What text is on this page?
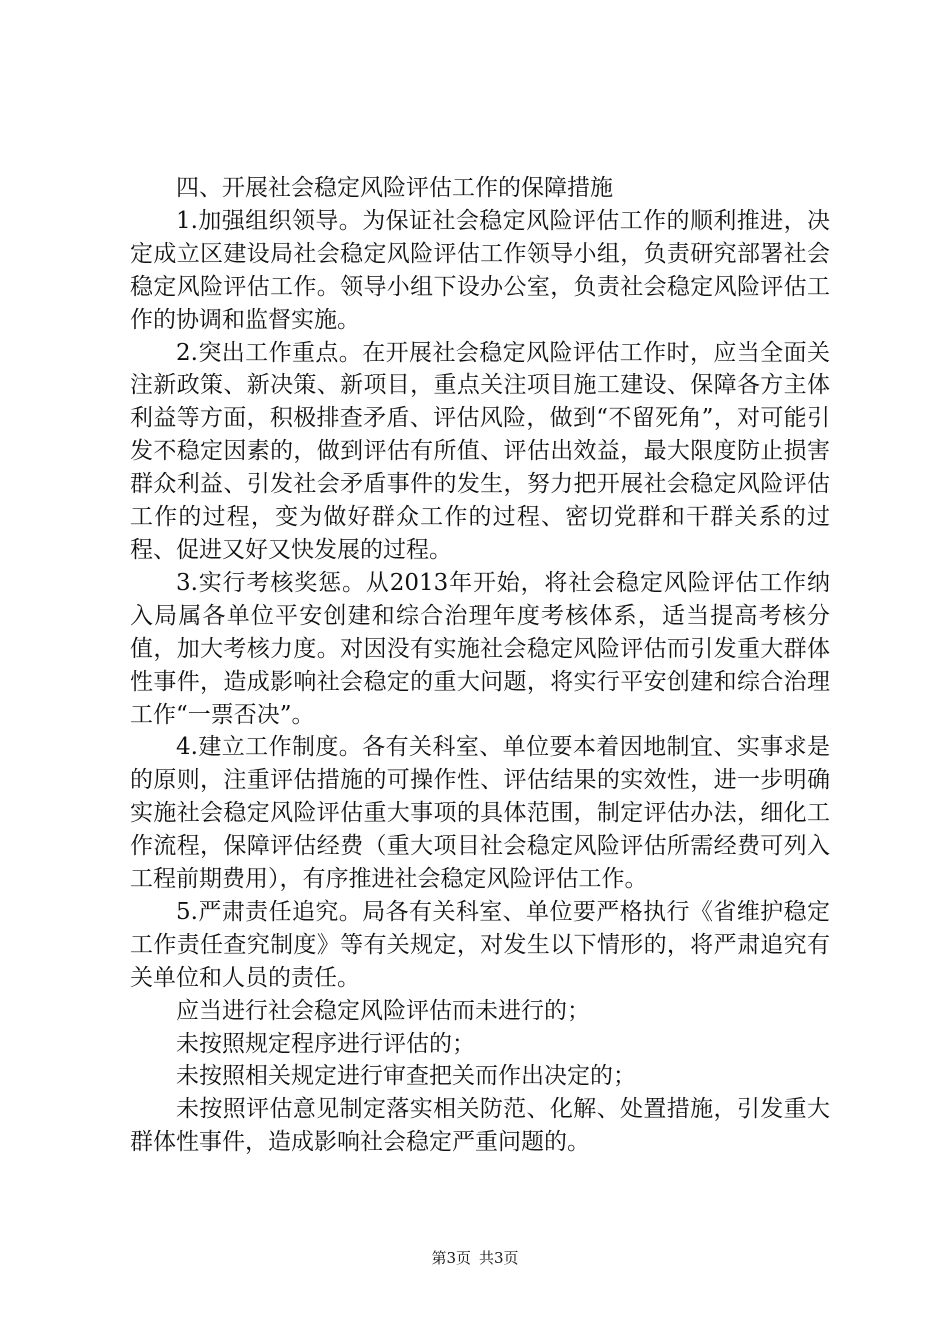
四、开展社会稳定风险评估工作的保障措施

1.加强组织领导。为保证社会稳定风险评估工作的顺利推进，决定成立区建设局社会稳定风险评估工作领导小组，负责研究部署社会稳定风险评估工作。领导小组下设办公室，负责社会稳定风险评估工作的协调和监督实施。

2.突出工作重点。在开展社会稳定风险评估工作时，应当全面关注新政策、新决策、新项目，重点关注项目施工建设、保障各方主体利益等方面，积极排查矛盾、评估风险，做到“不留死角”，对可能引发不稳定因素的，做到评估有所值、评估出效益，最大限度防止损害群众利益、引发社会矛盾事件的发生，努力把开展社会稳定风险评估工作的过程，变为做好群众工作的过程、密切党群和干群关系的过程、促进又好又快发展的过程。

3.实行考核奖惩。从2013年开始，将社会稳定风险评估工作纳入局属各单位平安创建和综合治理年度考核体系，适当提高考核分值，加大考核力度。对因没有实施社会稳定风险评估而引发重大群体性事件，造成影响社会稳定的重大问题，将实行平安创建和综合治理工作“一票否决”。

4.建立工作制度。各有关科室、单位要本着因地制宜、实事求是的原则，注重评估措施的可操作性、评估结果的实效性，进一步明确实施社会稳定风险评估重大事项的具体范围，制定评估办法，细化工作流程，保障评估经费（重大项目社会稳定风险评估所需经费可列入工程前期费用），有序推进社会稳定风险评估工作。

5.严肃责任追究。局各有关科室、单位要严格执行《省维护稳定工作责任查究制度》等有关规定，对发生以下情形的，将严肃追究有关单位和人员的责任。

应当进行社会稳定风险评估而未进行的；

未按照规定程序进行评估的；

未按照相关规定进行审查把关而作出决定的；

未按照评估意见制定落实相关防范、化解、处置措施，引发重大群体性事件，造成影响社会稳定严重问题的。

第3页 共3页
